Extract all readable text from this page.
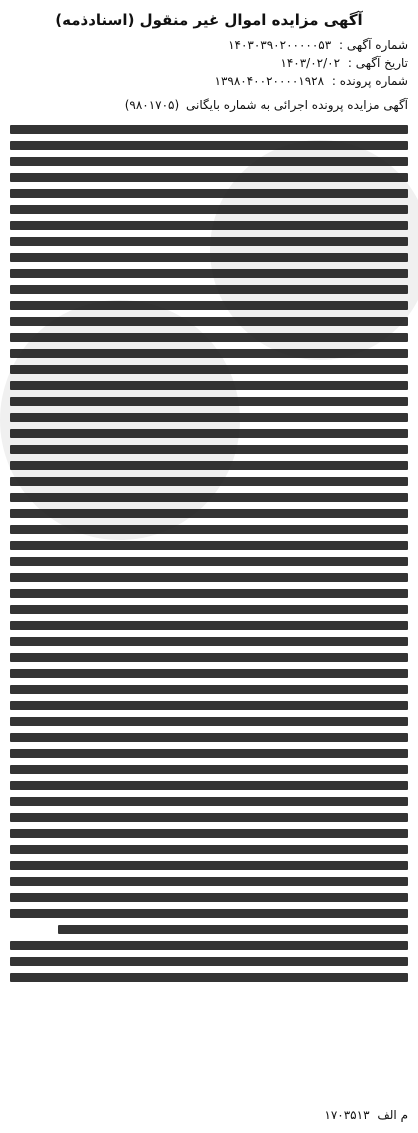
آگهی مزایده اموال غیر منقول (اسنادذمه)
شماره آگهی : ۱۴۰۳۰۳۹۰۲۰۰۰۰۰۵۳
تاریخ آگهی : ۱۴۰۳/۰۲/۰۲
شماره پرونده : ۱۳۹۸۰۴۰۰۲۰۰۰۰۱۹۲۸
آگهی مزایده پرونده اجرائی به شماره بایگانی (۹۸۰۱۷۰۵)
م الف ۱۷۰۳۵۱۳
